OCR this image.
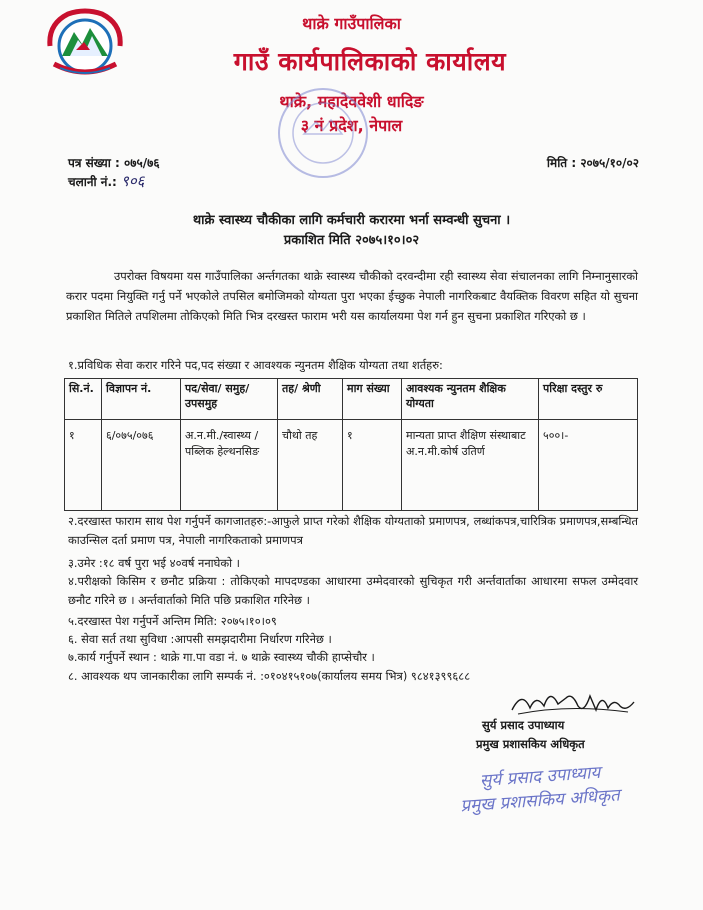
थाक्रे गाउँपालिका
गाउँ कार्यपालिकाको कार्यालय
थाक्रे, महादेववेशी धादिङ
३ नं प्रदेश, नेपाल
पत्र संख्या : ०७५/७६
चलानी नं.: ९०६
मिति : २०७५/१०/०२
थाक्रे स्वास्थ्य चौकीका लागि कर्मचारी करारमा भर्ना सम्वन्धी सुचना ।
प्रकाशित मिति २०७५।१०।०२
उपरोक्त विषयमा यस गाउँपालिका अर्न्तगतका थाक्रे स्वास्थ्य चौकीको दरवन्दीमा रही स्वास्थ्य सेवा संचालनका लागि निम्नानुसारको करार पदमा नियुक्ति गर्नु पर्ने भएकोले तपसिल बमोजिमको योग्यता पुरा भएका ईच्छुक नेपाली नागरिकबाट वैयक्तिक विवरण सहित यो सुचना प्रकाशित मितिले तपशिलमा तोकिएको मिति भित्र दरखस्त फाराम भरी यस कार्यालयमा पेश गर्न हुन सुचना प्रकाशित गरिएको छ ।
१.प्रविधिक सेवा करार गरिने पद,पद संख्या र आवश्यक न्युनतम शैक्षिक योग्यता तथा शर्तहरु:
सि.नं.	विज्ञापन नं.	पद/सेवा/ समुह/उपसमुह	तह/ श्रेणी	माग संख्या	आवश्यक न्युनतम शैक्षिक योग्यता	परिक्षा दस्तुर रु
१	६/०७५/०७६	अ.न.मी./स्वास्थ्य /पब्लिक हेल्थनसिङ	चौथो तह	१	मान्यता प्राप्त शैक्षिण संस्थाबाट अ.न.मी.कोर्ष उतिर्ण	५००।-
२.दरखास्त फाराम साथ पेश गर्नुपर्ने कागजातहरु:-आफुले प्राप्त गरेको शैक्षिक योग्यताको प्रमाणपत्र, लब्धांकपत्र,चारित्रिक प्रमाणपत्र,सम्बन्धित काउन्सिल दर्ता प्रमाण पत्र, नेपाली नागरिकताको प्रमाणपत्र
३.उमेर :१८ वर्ष पुरा भई ४०वर्ष ननाघेको ।
४.परीक्षको किसिम र छनौट प्रक्रिया : तोकिएको मापदण्डका आधारमा उम्मेदवारको सुचिकृत गरी अर्न्तवार्ताका आधारमा सफल उम्मेदवार छनौट गरिने छ । अर्न्तवार्ताको मिति पछि प्रकाशित गरिनेछ ।
५.दरखास्त पेश गर्नुपर्ने अन्तिम मिति: २०७५।१०।०९
६. सेवा सर्त तथा सुविधा :आपसी समझदारीमा निर्धारण गरिनेछ ।
७.कार्य गर्नुपर्ने स्थान : थाक्रे गा.पा वडा नं. ७ थाक्रे स्वास्थ्य चौकी हाप्सेचौर ।
८. आवश्यक थप जानकारीका लागि सम्पर्क नं. :०१०४१५१०७(कार्यालय समय भित्र) ९८४१३९९६८८
सुर्य प्रसाद उपाध्याय
प्रमुख प्रशासकिय अधिकृत
सुर्य प्रसाद उपाध्याय
प्रमुख प्रशासकिय अधिकृत
